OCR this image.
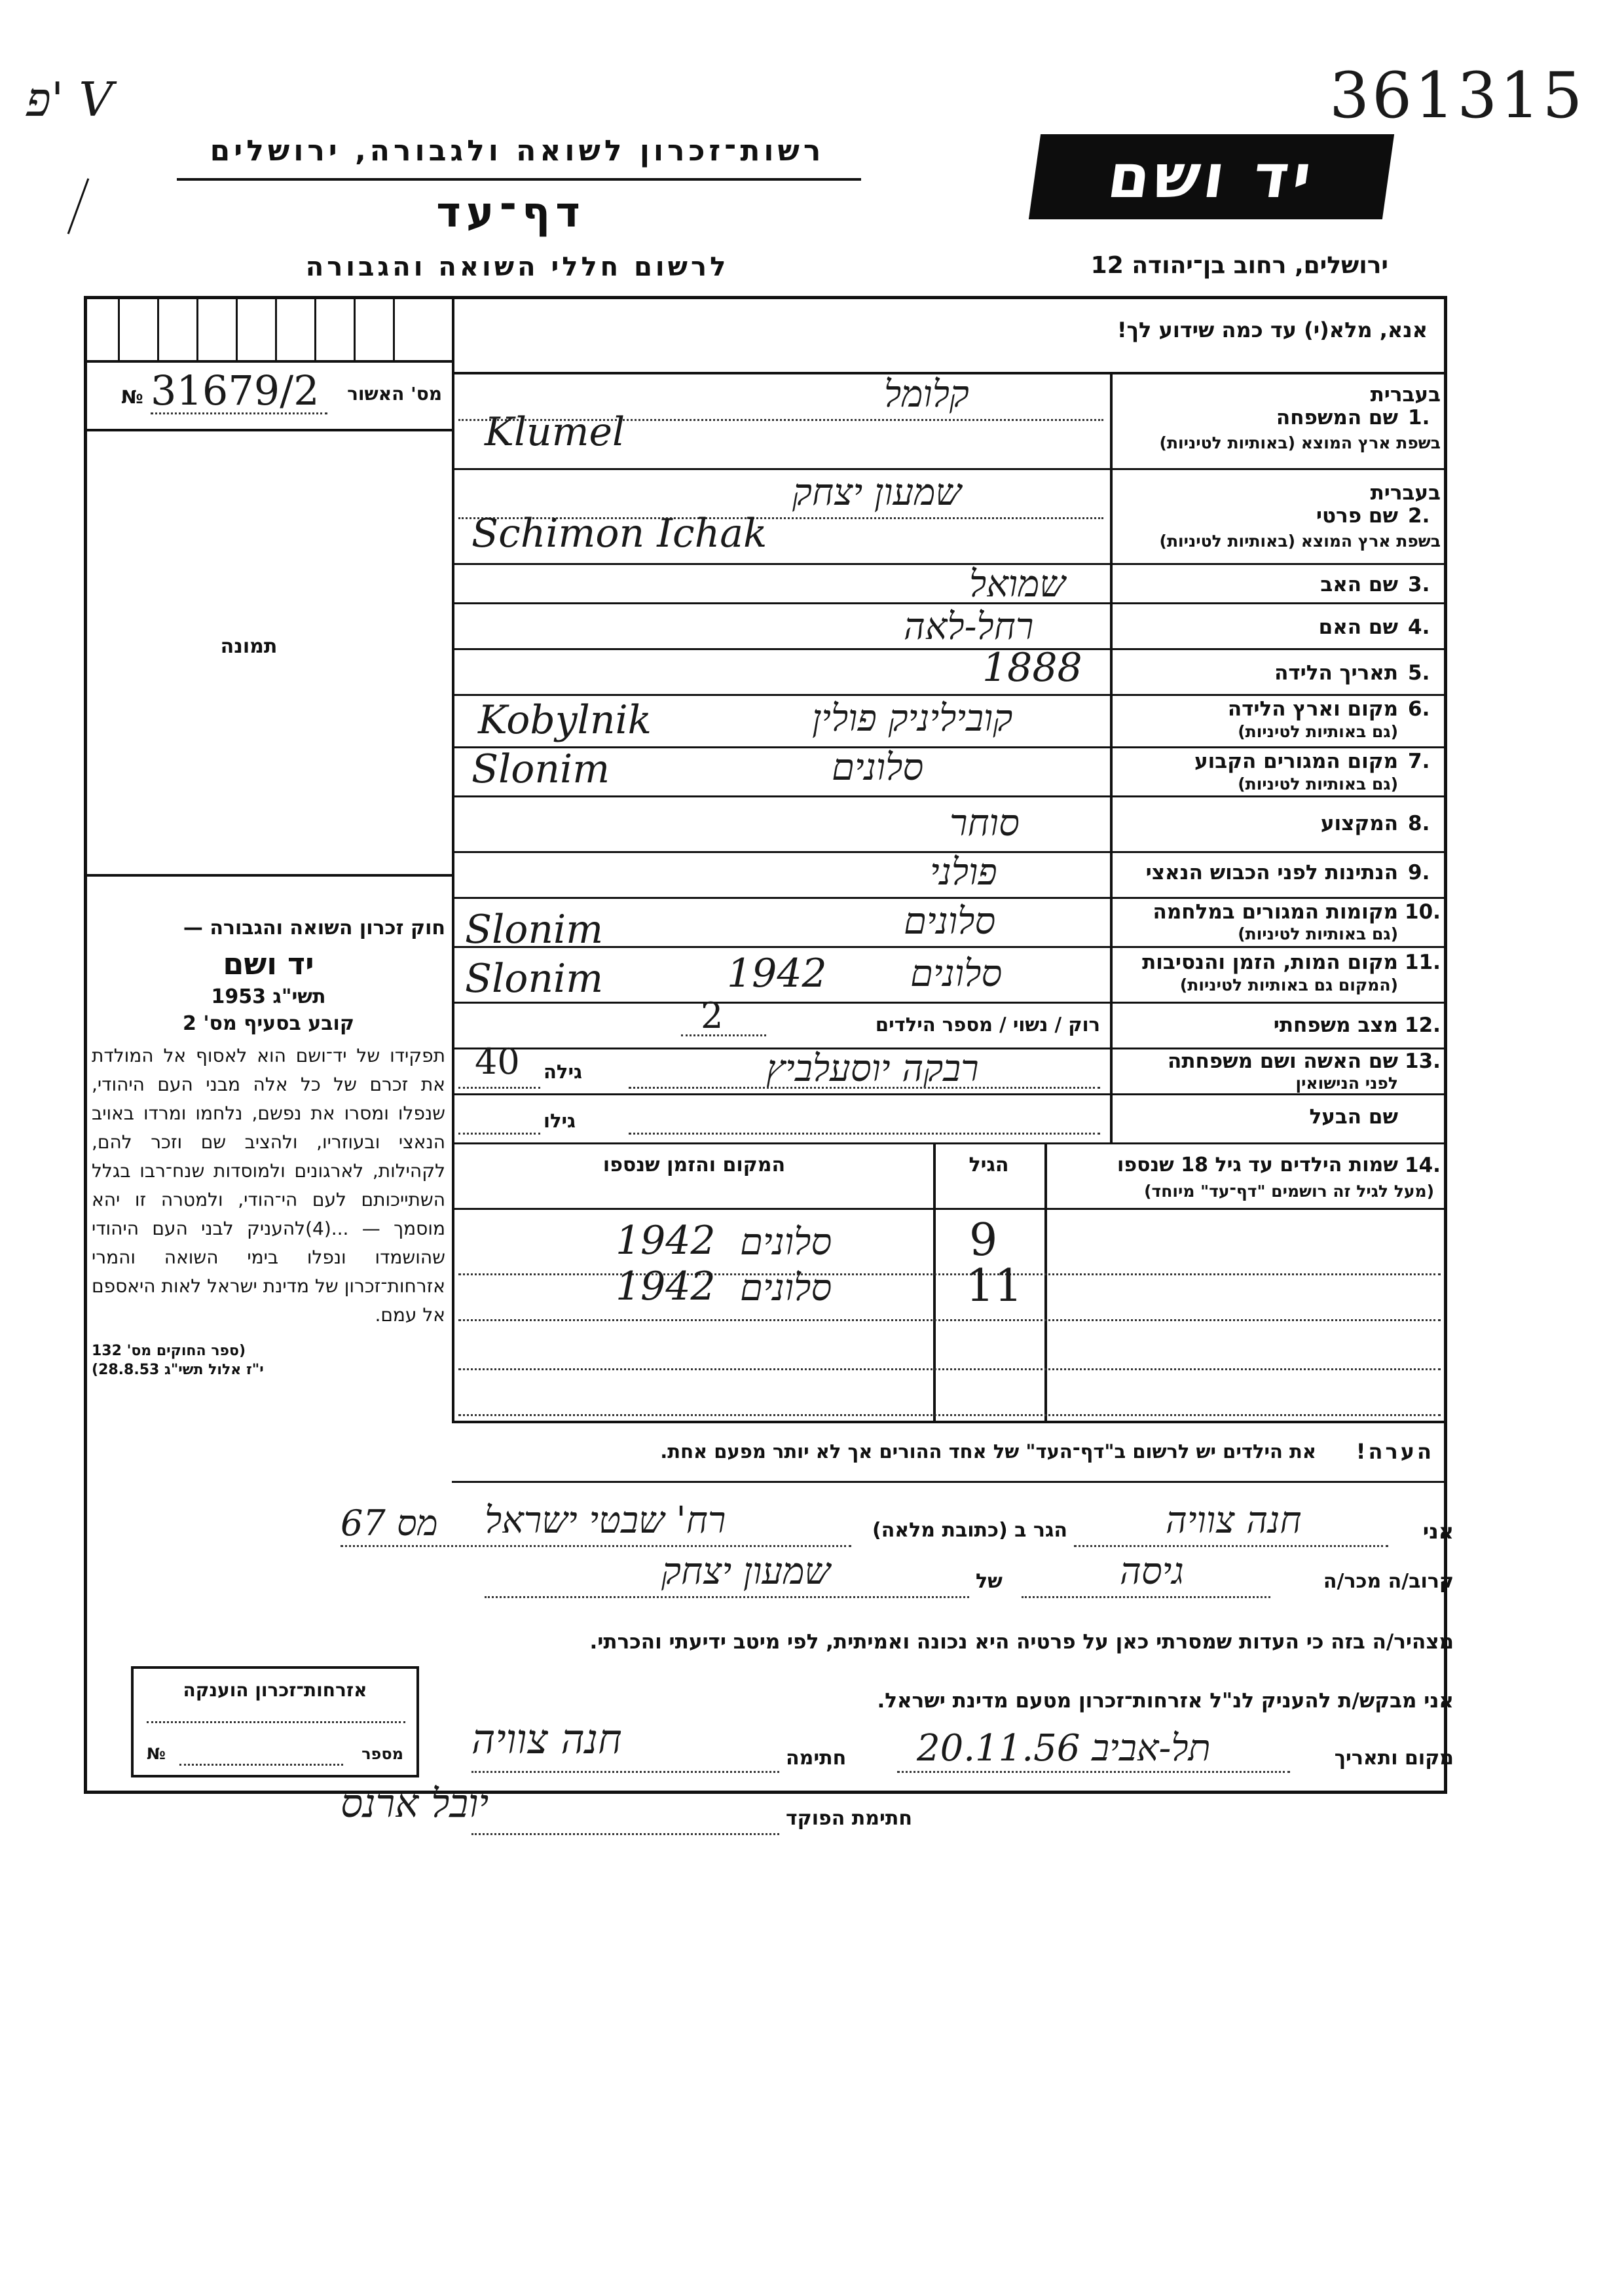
361315
פ' V
רשות־זכרון לשואה ולגבורה, ירושלים
דף־עד
לרשום חללי השואה והגבורה
יד ושם
ירושלים, רחוב בן־יהודה 12
אנא, מלא(י) עד כמה שידוע לך!
מס' האשור
№ 31679/2
תמונה
בעברית
1.
שם המשפחה
בשפת ארץ המוצא (באותיות לטיניות)
בעברית
2.
שם פרטי
בשפת ארץ המוצא (באותיות לטיניות)
3.
שם האב
4.
שם האם
5.
תאריך הלידה
6.
מקום וארץ הלידה
(גם באותיות לטיניות)
7.
מקום המגורים הקבוע
(גם באותיות לטיניות)
8.
המקצוע
9.
הנתינות לפני הכבוש הנאצי
10.
מקומות המגורים במלחמה
(גם באותיות לטיניות)
11.
מקום המות, הזמן והנסיבות
(המקום גם באותיות לטיניות)
12.
מצב משפחתי
13.
שם האשה ושם משפחתה
לפני הנישואין
שם הבעל
קלומל
Klumel
שמעון יצחק
Schimon Ichak
שמואל
רחל-לאה
1888
קוביליניק פולין
Kobylnik
סלונים
Slonim
סוחר
פולני
סלונים
Slonim
סלונים
1942
Slonim
רוק / נשוי / מספר הילדים
2
רבקה יוסעלביץ
גילה
40
גילו
14.
שמות הילדים עד גיל 18 שנספו
(מעל לגיל זה רושמים "דף־עד" מיוחד)
הגיל
המקום והזמן שנספו
9
סלונים
1942
11
סלונים
1942
חוק זכרון השואה והגבורה —
יד ושם
תשי"ג 1953
קובע בסעיף מס' 2
תפקידו של יד־ושם הוא לאסוף אל המולדת את זכרם של כל אלה מבני העם היהודי, שנפלו ומסרו את נפשם, נלחמו ומרדו באויב הנאצי ובעוזריו, ולהציב שם וזכר להם, לקהילות, לארגונים ולמוסדות שנח־רבו בגלל השתייכותם לעם הי־הודי, ולמטרה זו יהא מוסמך — ...(4)להעניק לבני העם היהודי שהושמדו ונפלו בימי השואה והמרי אזרחות־זכרון של מדינת ישראל לאות היאספם אל עמם.
(ספר החוקים מס' 132
י"ז אלול תשי"ג 28.8.53)
הערה!
את הילדים יש לרשום ב"דף־העד" של אחד ההורים אך לא יותר מפעם אחת.
אני
חנה צוויה
הגר ב (כתובת מלאה)
רח' שבטי ישראל
67 מס
קרוב/ה מכר/ה
גיסה
של
שמעון יצחק
מצהיר/ה בזה כי העדות שמסרתי כאן על פרטיה היא נכונה ואמיתית, לפי מיטב ידיעתי והכרתי.
אני מבקש/ת להעניק לנ"ל אזרחות־זכרון מטעם מדינת ישראל.
מקום ותאריך
תל-אביב 20.11.56
חתימה
חנה צוויה
חתימת הפוקד
יובל ארנס
אזרחות־זכרון הוענקה
№	מספר
